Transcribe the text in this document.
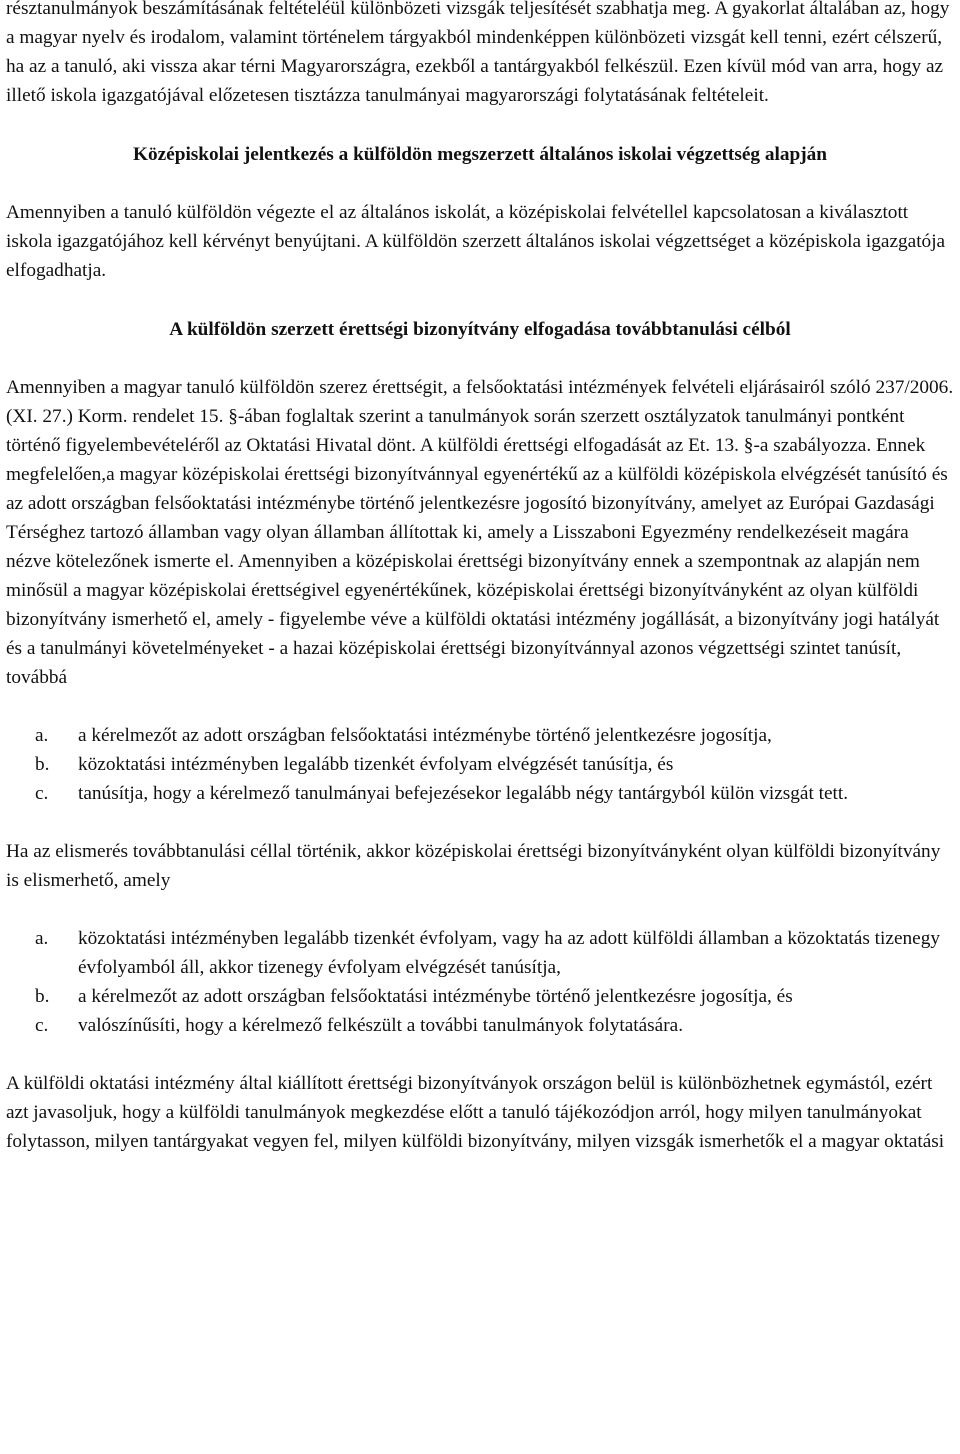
résztanulmányok beszámításának feltételéül különbözeti vizsgák teljesítését szabhatja meg. A gyakorlat általában az, hogy a magyar nyelv és irodalom, valamint történelem tárgyakból mindenképpen különbözeti vizsgát kell tenni, ezért célszerű, ha az a tanuló, aki vissza akar térni Magyarországra, ezekből a tantárgyakból felkészül. Ezen kívül mód van arra, hogy az illető iskola igazgatójával előzetesen tisztázza tanulmányai magyarországi folytatásának feltételeit.

Középiskolai jelentkezés a külföldön megszerzett általános iskolai végzettség alapján

Amennyiben a tanuló külföldön végezte el az általános iskolát, a középiskolai felvétellel kapcsolatosan a kiválasztott iskola igazgatójához kell kérvényt benyújtani. A külföldön szerzett általános iskolai végzettséget a középiskola igazgatója elfogadhatja.

A külföldön szerzett érettségi bizonyítvány elfogadása továbbtanulási célból

Amennyiben a magyar tanuló külföldön szerez érettségit, a felsőoktatási intézmények felvételi eljárásairól szóló 237/2006. (XI. 27.) Korm. rendelet 15. §-ában foglaltak szerint a tanulmányok során szerzett osztályzatok tanulmányi pontként történő figyelembevételéről az Oktatási Hivatal dönt. A külföldi érettségi elfogadását az Et. 13. §-a szabályozza. Ennek megfelelően,a magyar középiskolai érettségi bizonyítvánnyal egyenértékű az a külföldi középiskola elvégzését tanúsító és az adott országban felsőoktatási intézménybe történő jelentkezésre jogosító bizonyítvány, amelyet az Európai Gazdasági Térséghez tartozó államban vagy olyan államban állítottak ki, amely a Lisszaboni Egyezmény rendelkezéseit magára nézve kötelezőnek ismerte el. Amennyiben a középiskolai érettségi bizonyítvány ennek a szempontnak az alapján nem minősül a magyar középiskolai érettségivel egyenértékűnek, középiskolai érettségi bizonyítványként az olyan külföldi bizonyítvány ismerhető el, amely - figyelembe véve a külföldi oktatási intézmény jogállását, a bizonyítvány jogi hatályát és a tanulmányi követelményeket - a hazai középiskolai érettségi bizonyítvánnyal azonos végzettségi szintet tanúsít, továbbá

a. a kérelmezőt az adott országban felsőoktatási intézménybe történő jelentkezésre jogosítja,
b. közoktatási intézményben legalább tizenkét évfolyam elvégzését tanúsítja, és
c. tanúsítja, hogy a kérelmező tanulmányai befejezésekor legalább négy tantárgyból külön vizsgát tett.

Ha az elismerés továbbtanulási céllal történik, akkor középiskolai érettségi bizonyítványként olyan külföldi bizonyítvány is elismerhető, amely

a. közoktatási intézményben legalább tizenkét évfolyam, vagy ha az adott külföldi államban a közoktatás tizenegy évfolyamból áll, akkor tizenegy évfolyam elvégzését tanúsítja,
b. a kérelmezőt az adott országban felsőoktatási intézménybe történő jelentkezésre jogosítja, és
c. valószínűsíti, hogy a kérelmező felkészült a további tanulmányok folytatására.

A külföldi oktatási intézmény által kiállított érettségi bizonyítványok országon belül is különbözhetnek egymástól, ezért azt javasoljuk, hogy a külföldi tanulmányok megkezdése előtt a tanuló tájékozódjon arról, hogy milyen tanulmányokat folytasson, milyen tantárgyakat vegyen fel, milyen külföldi bizonyítvány, milyen vizsgák ismerhetők el a magyar oktatási
